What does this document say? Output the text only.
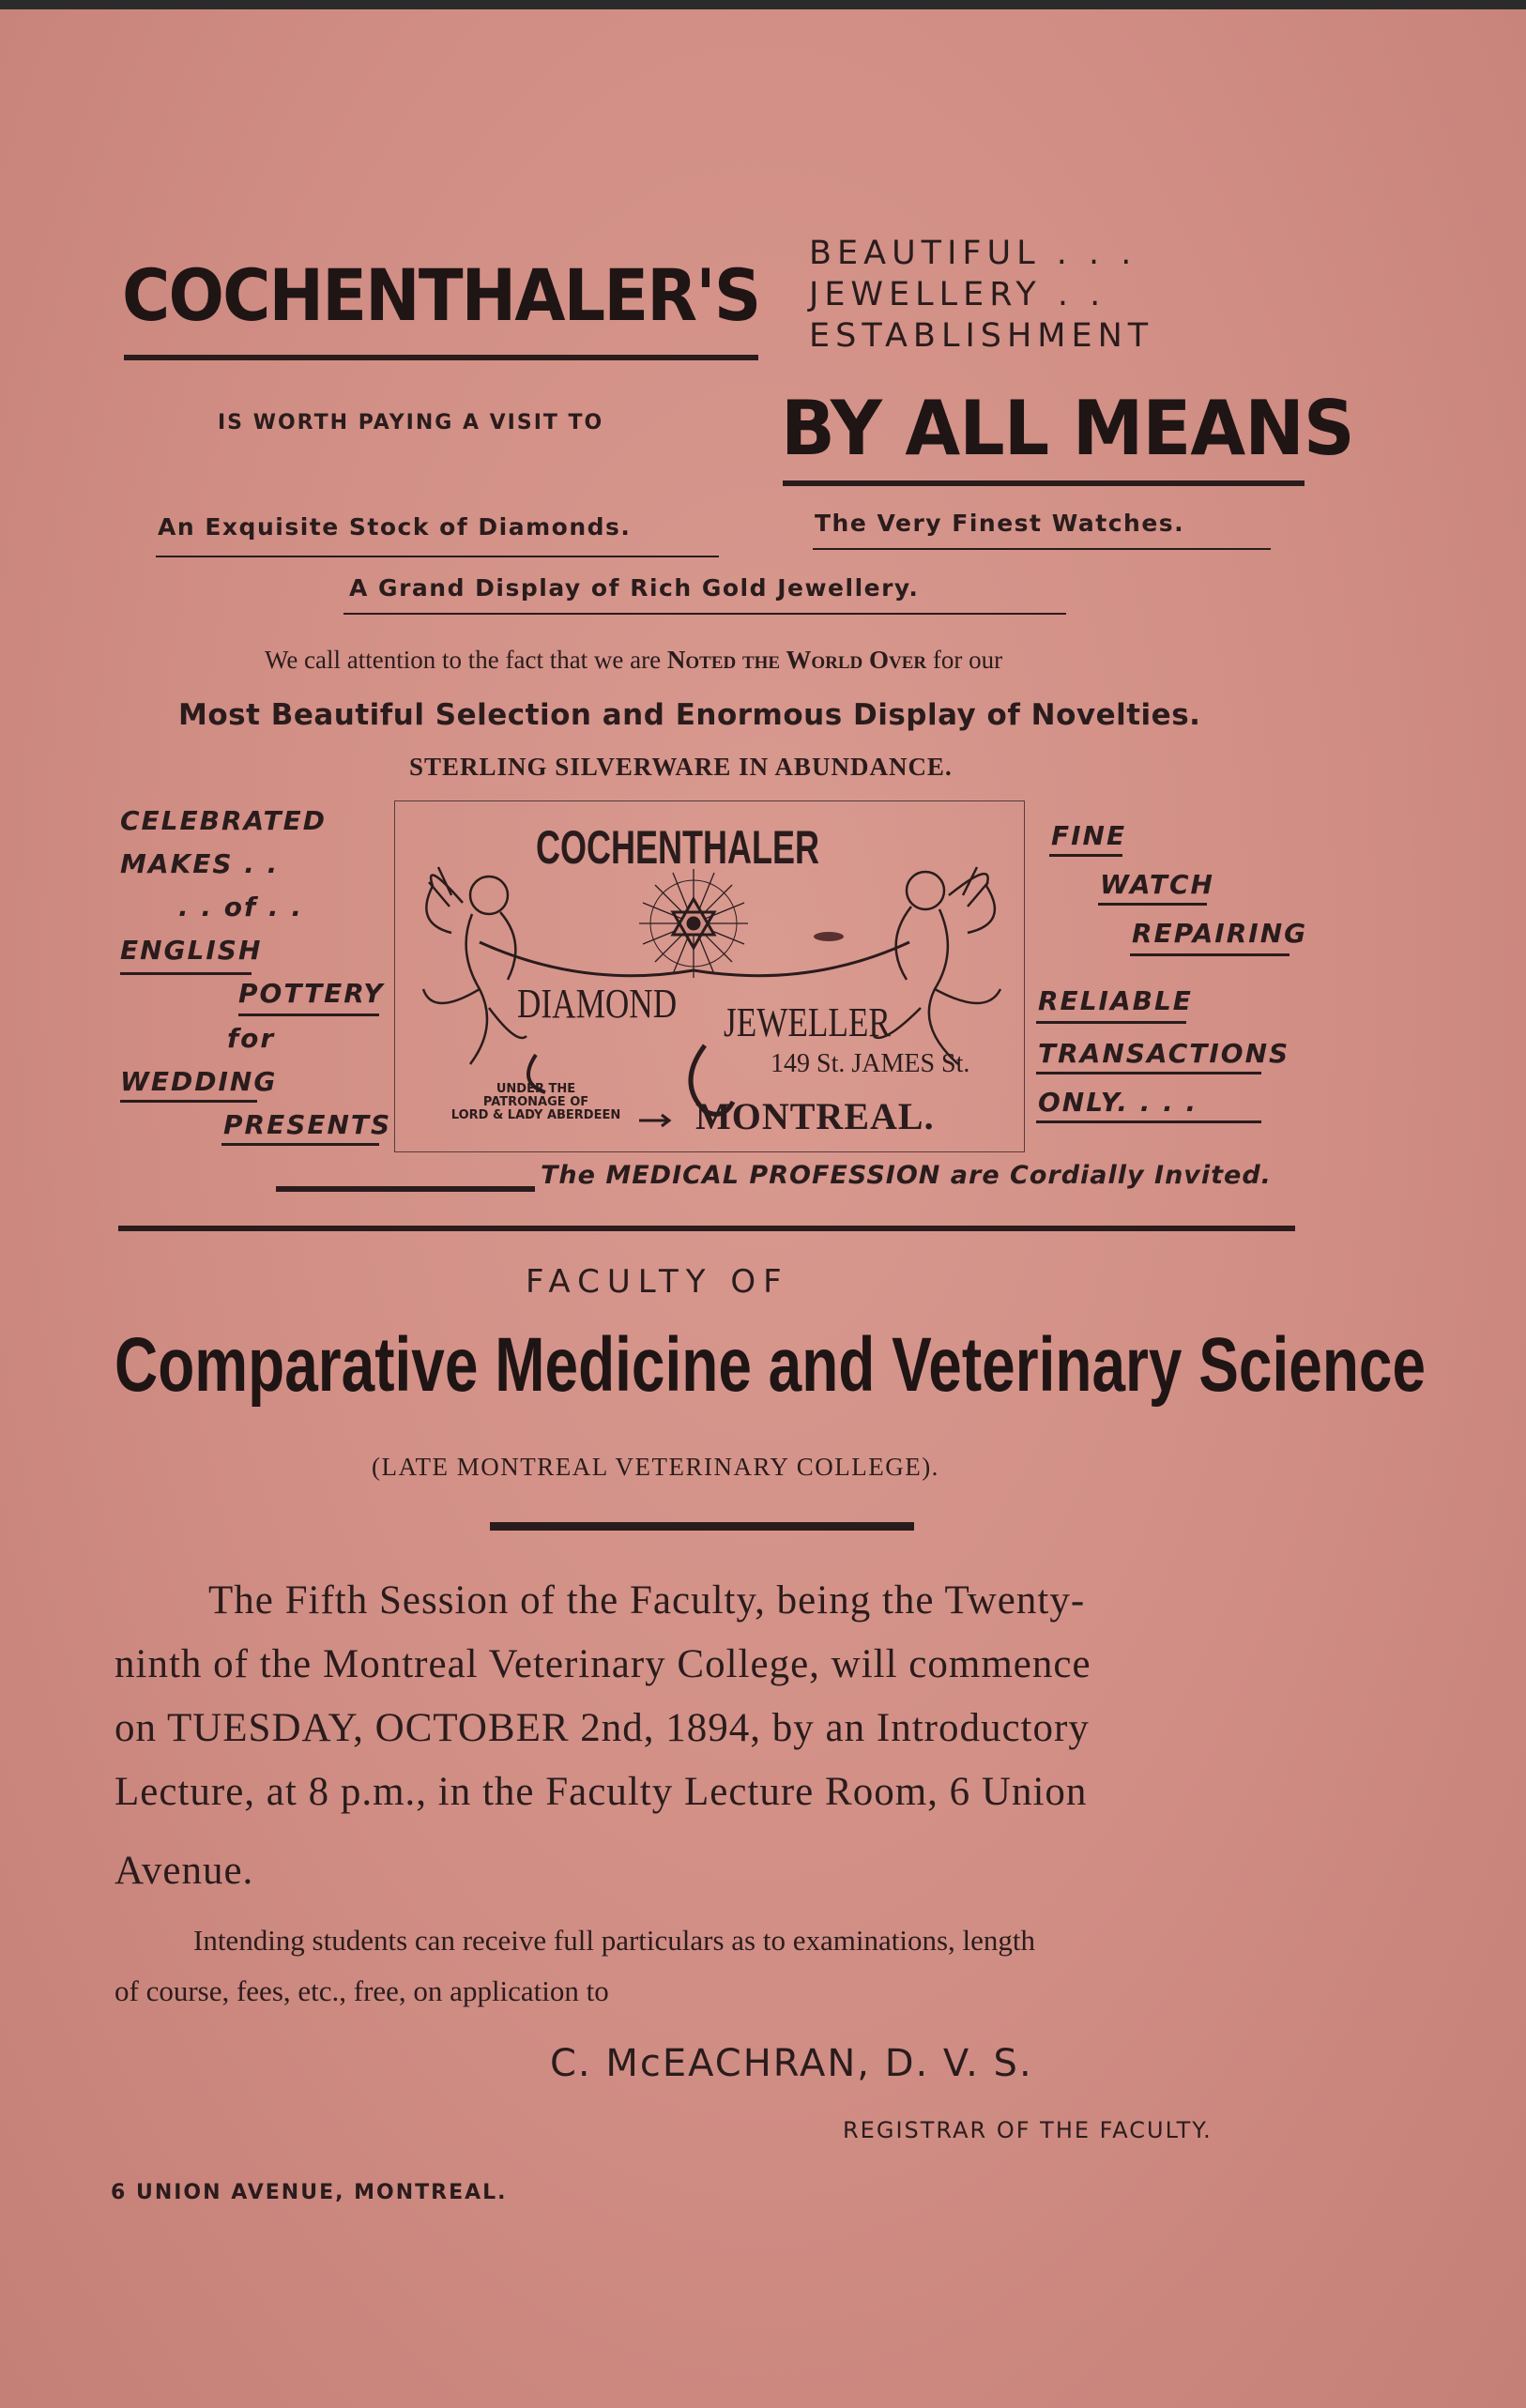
COCHENTHALER'S BEAUTIFUL . . .
JEWELLERY . .
ESTABLISHMENT
IS WORTH PAYING A VISIT TO BY ALL MEANS
An Exquisite Stock of Diamonds.	The Very Finest Watches.
A Grand Display of Rich Gold Jewellery.
We call attention to the fact that we are Noted the World Over for our
Most Beautiful Selection and Enormous Display of Novelties.
STERLING SILVERWARE IN ABUNDANCE.
CELEBRATED
MAKES . .
. . of . .
ENGLISH
POTTERY
for
WEDDING
PRESENTS
FINE
WATCH
REPAIRING
RELIABLE
TRANSACTIONS
ONLY. . . .
COCHENTHALER
DIAMOND JEWELLER
149 St. JAMES St.
MONTREAL.
UNDER THE
PATRONAGE OF
LORD & LADY ABERDEEN
The MEDICAL PROFESSION are Cordially Invited.
FACULTY OF
Comparative Medicine and Veterinary Science
(LATE MONTREAL VETERINARY COLLEGE).
The Fifth Session of the Faculty, being the Twenty-
ninth of the Montreal Veterinary College, will commence
on TUESDAY, OCTOBER 2nd, 1894, by an Introductory
Lecture, at 8 p.m., in the Faculty Lecture Room, 6 Union
Avenue.
Intending students can receive full particulars as to examinations, length
of course, fees, etc., free, on application to
C. McEACHRAN, D. V. S.
REGISTRAR OF THE FACULTY.
6 UNION AVENUE, MONTREAL.
